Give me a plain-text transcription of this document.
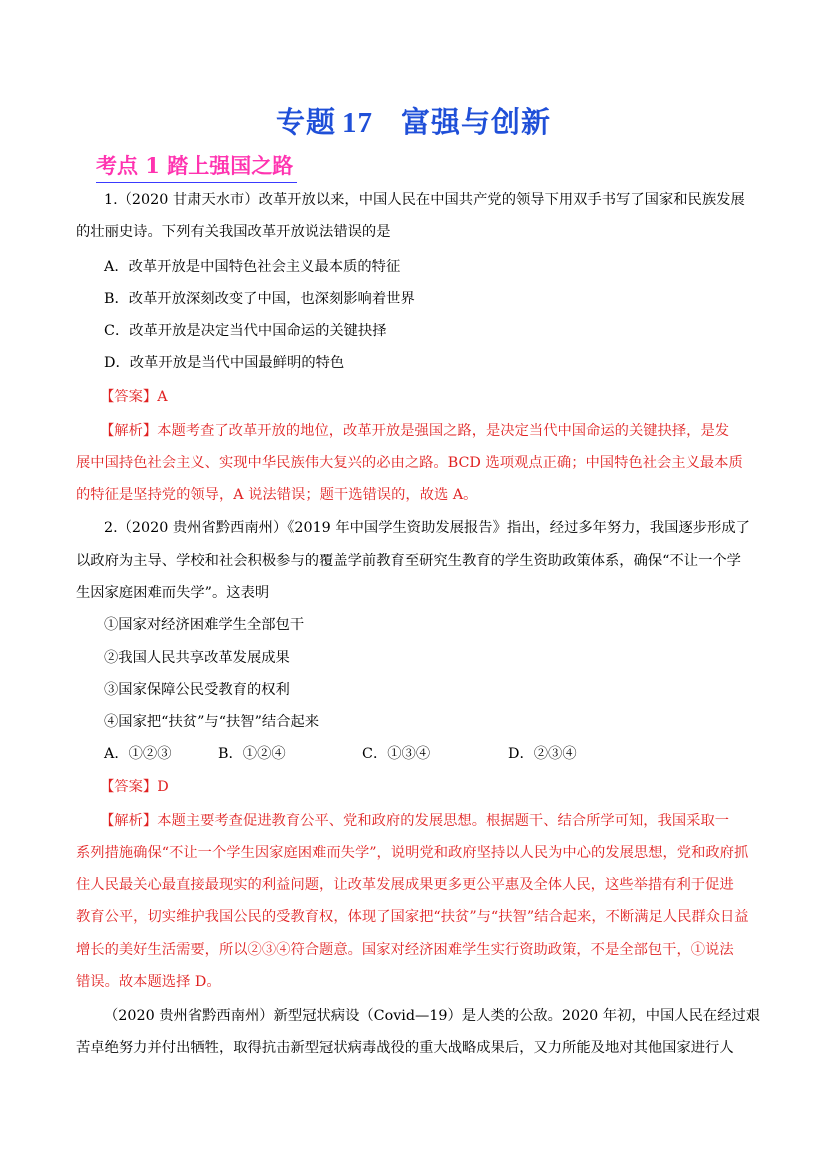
专题 17 富强与创新
考点 1 踏上强国之路
1.（2020 甘肃天水市）改革开放以来，中国人民在中国共产党的领导下用双手书写了国家和民族发展
的壮丽史诗。下列有关我国改革开放说法错误的是
A．改革开放是中国特色社会主义最本质的特征
B．改革开放深刻改变了中国，也深刻影响着世界
C．改革开放是决定当代中国命运的关键抉择
D．改革开放是当代中国最鲜明的特色
【答案】A
【解析】本题考查了改革开放的地位，改革开放是强国之路，是决定当代中国命运的关键抉择，是发
展中国持色社会主义、实现中华民族伟大复兴的必由之路。BCD 选项观点正确；中国特色社会主义最本质
的特征是坚持党的领导，A 说法错误；题干选错误的，故选 A。
2.（2020 贵州省黔西南州）《2019 年中国学生资助发展报告》指出，经过多年努力，我国逐步形成了
以政府为主导、学校和社会积极参与的覆盖学前教育至研究生教育的学生资助政策体系，确保“不让一个学
生因家庭困难而失学”。这表明
①国家对经济困难学生全部包干
②我国人民共享改革发展成果
③国家保障公民受教育的权利
④国家把“扶贫”与“扶智”结合起来
A．①②③	B．①②④	C．①③④	D．②③④
【答案】D
【解析】本题主要考查促进教育公平、党和政府的发展思想。根据题干、结合所学可知，我国采取一
系列措施确保“不让一个学生因家庭困难而失学”，说明党和政府坚持以人民为中心的发展思想，党和政府抓
住人民最关心最直接最现实的利益问题，让改革发展成果更多更公平惠及全体人民，这些举措有利于促进
教育公平，切实维护我国公民的受教育权，体现了国家把“扶贫”与“扶智”结合起来，不断满足人民群众日益
增长的美好生活需要，所以②③④符合题意。国家对经济困难学生实行资助政策，不是全部包干，①说法
错误。故本题选择 D。
（2020 贵州省黔西南州）新型冠状病设（Covid—19）是人类的公敌。2020 年初，中国人民在经过艰
苦卓绝努力并付出牺牲，取得抗击新型冠状病毒战役的重大战略成果后，又力所能及地对其他国家进行人
